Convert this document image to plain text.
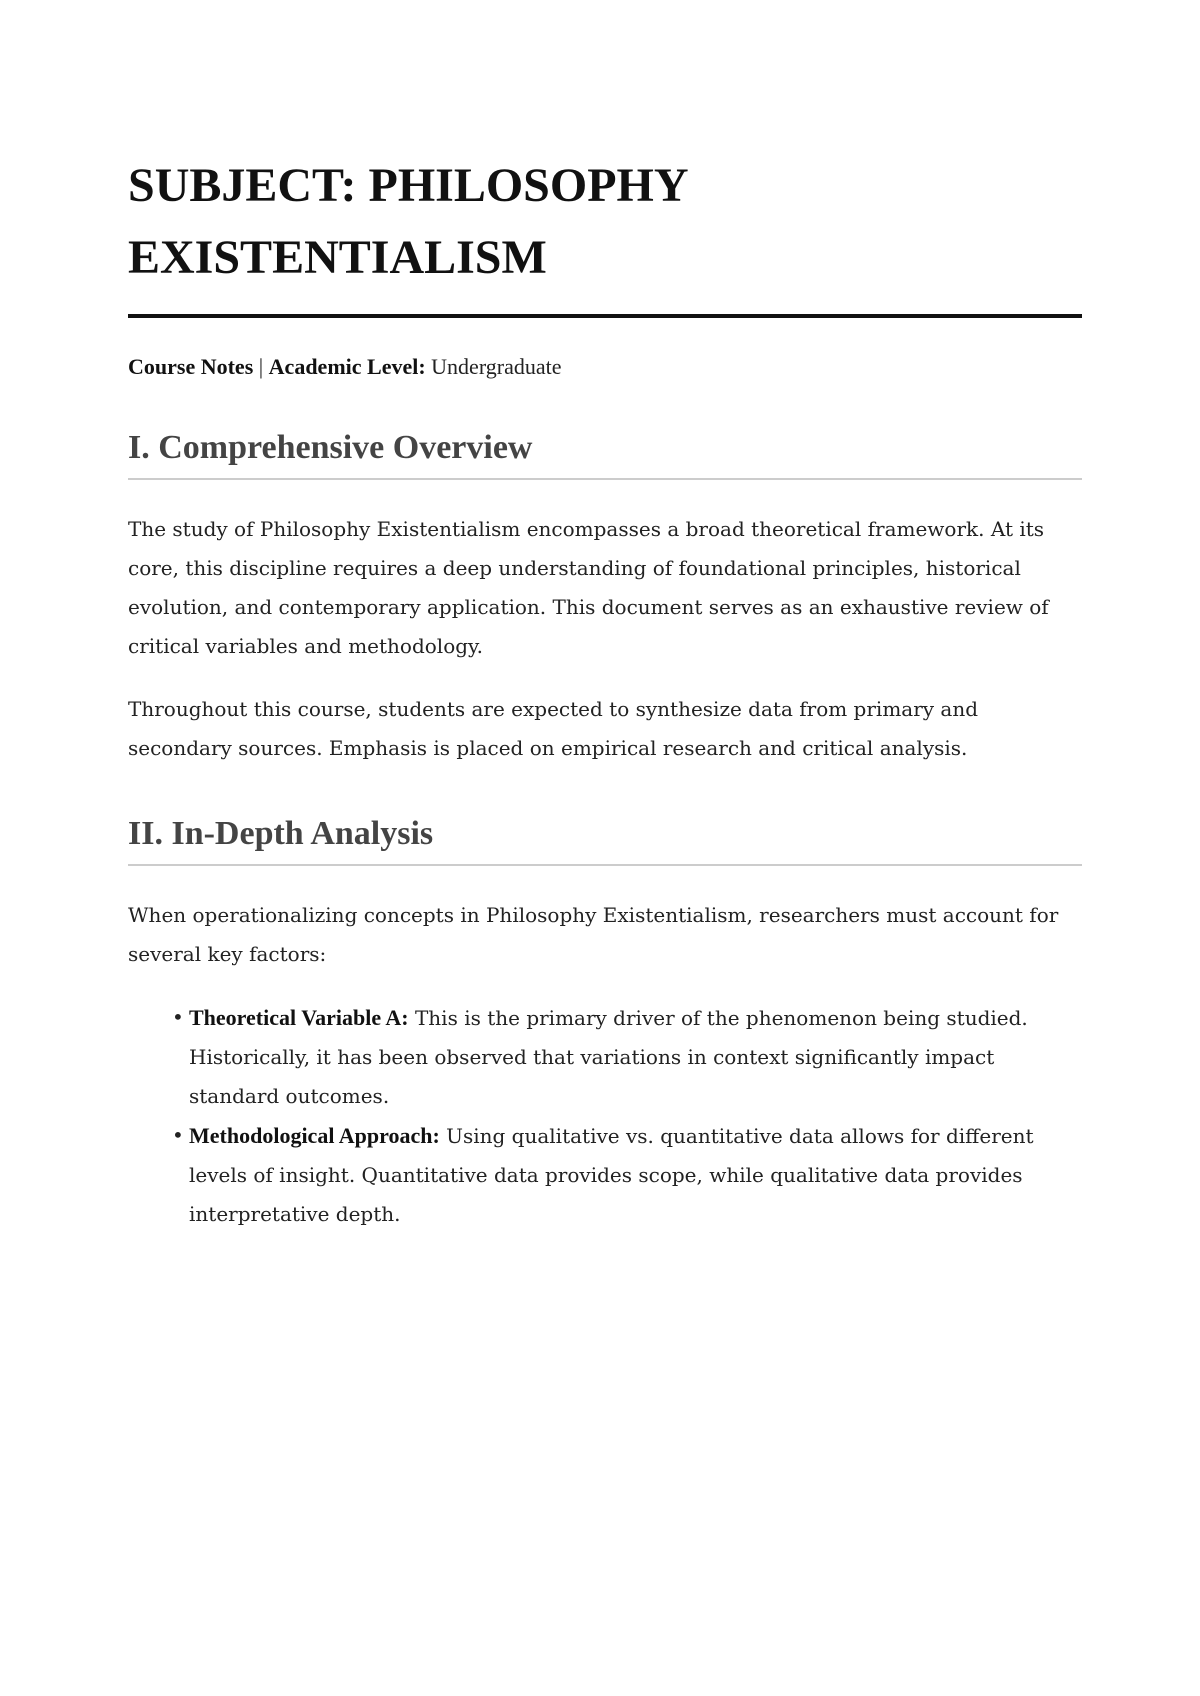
SUBJECT: PHILOSOPHY EXISTENTIALISM

Course Notes | Academic Level: Undergraduate

I. Comprehensive Overview

The study of Philosophy Existentialism encompasses a broad theoretical framework. At its core, this discipline requires a deep understanding of foundational principles, historical evolution, and contemporary application. This document serves as an exhaustive review of critical variables and methodology.

Throughout this course, students are expected to synthesize data from primary and secondary sources. Emphasis is placed on empirical research and critical analysis.

II. In-Depth Analysis

When operationalizing concepts in Philosophy Existentialism, researchers must account for several key factors:

• Theoretical Variable A: This is the primary driver of the phenomenon being studied. Historically, it has been observed that variations in context significantly impact standard outcomes.
• Methodological Approach: Using qualitative vs. quantitative data allows for different levels of insight. Quantitative data provides scope, while qualitative data provides interpretative depth.
